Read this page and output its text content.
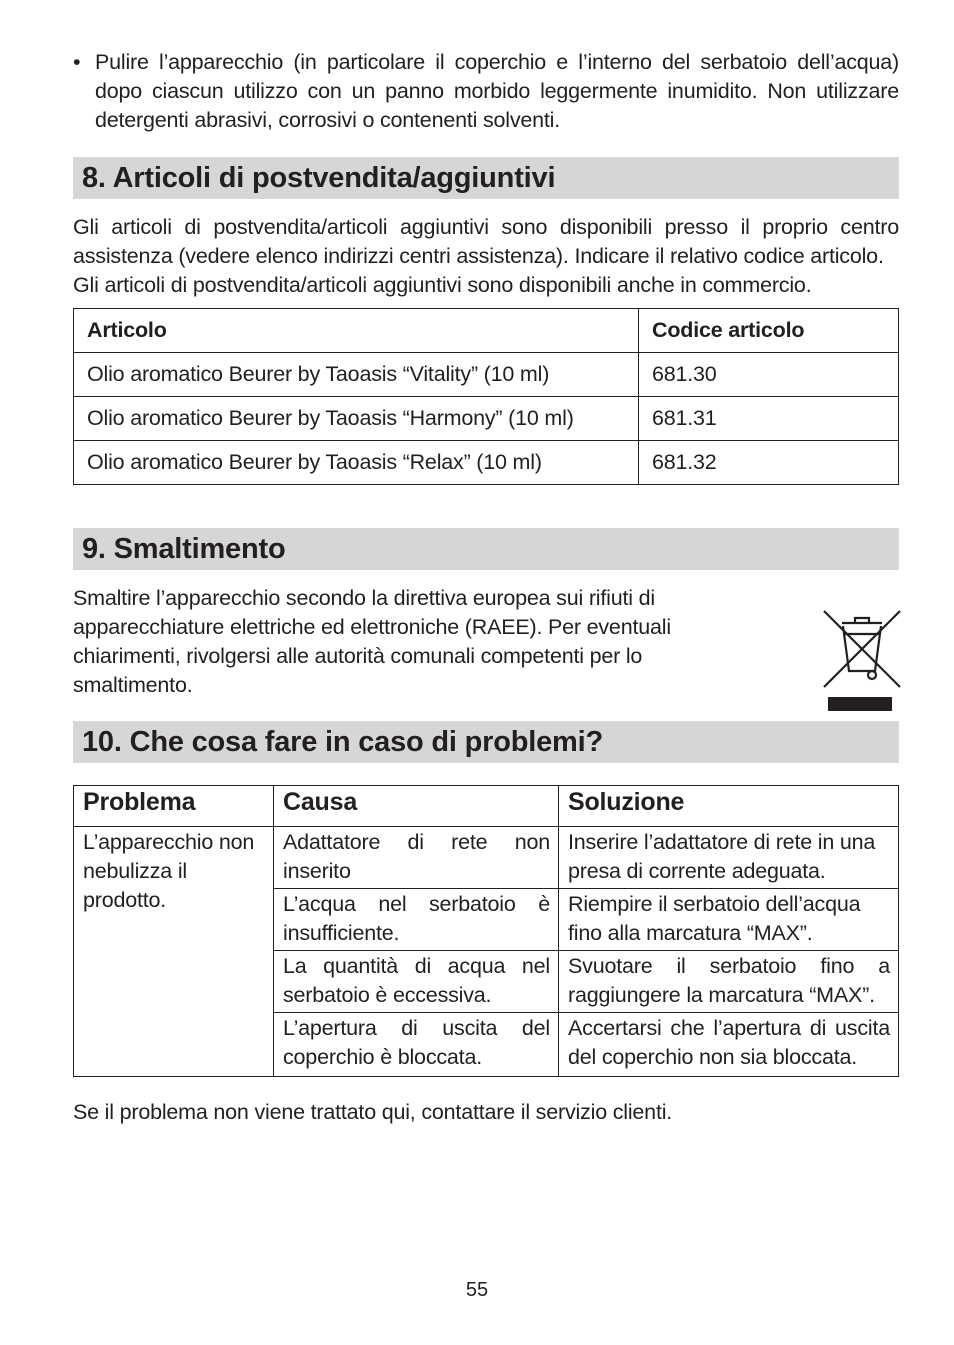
• Pulire l’apparecchio (in particolare il coperchio e l’interno del serbatoio dell’acqua) dopo ciascun utilizzo con un panno morbido leggermente inumidito. Non utilizzare detergenti abrasivi, corrosivi o contenenti solventi.
8. Articoli di postvendita/aggiuntivi
Gli articoli di postvendita/articoli aggiuntivi sono disponibili presso il proprio centro assistenza (vedere elenco indirizzi centri assistenza). Indicare il relativo codice articolo.
Gli articoli di postvendita/articoli aggiuntivi sono disponibili anche in commercio.
Articolo	Codice articolo
Olio aromatico Beurer by Taoasis “Vitality” (10 ml)	681.30
Olio aromatico Beurer by Taoasis “Harmony” (10 ml)	681.31
Olio aromatico Beurer by Taoasis “Relax” (10 ml)	681.32
9. Smaltimento
Smaltire l’apparecchio secondo la direttiva europea sui rifiuti di apparecchiature elettriche ed elettroniche (RAEE). Per eventuali chiarimenti, rivolgersi alle autorità comunali competenti per lo smaltimento.
10. Che cosa fare in caso di problemi?
Problema	Causa	Soluzione
L’apparecchio non nebulizza il prodotto.	Adattatore di rete non inserito	Inserire l’adattatore di rete in una presa di corrente adeguata.
	L’acqua nel serbatoio è insufficiente.	Riempire il serbatoio dell’acqua fino alla marcatura “MAX”.
	La quantità di acqua nel serbatoio è eccessiva.	Svuotare il serbatoio fino a raggiungere la marcatura “MAX”.
	L’apertura di uscita del coperchio è bloccata.	Accertarsi che l’apertura di uscita del coperchio non sia bloccata.
Se il problema non viene trattato qui, contattare il servizio clienti.
55
